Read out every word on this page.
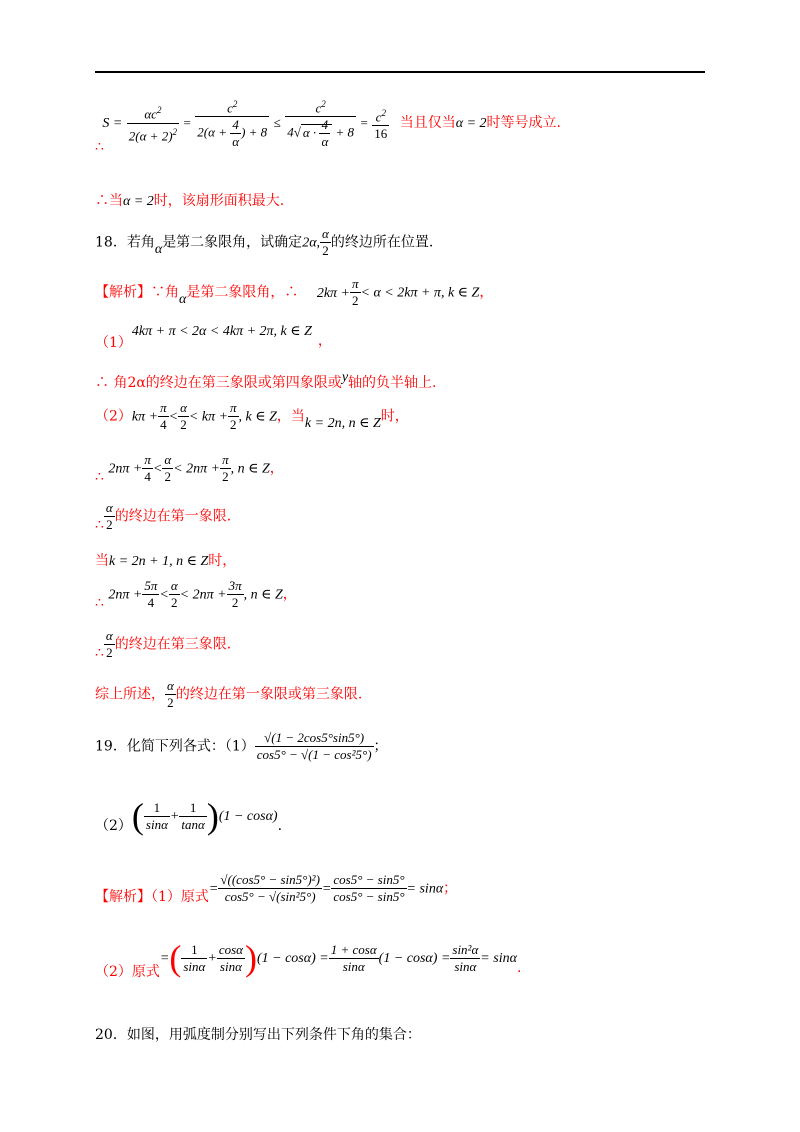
∴ $S = \frac{\alpha c^2}{2(\alpha + 2)^2} = \frac{c^2}{2(\alpha + \frac{4}{\alpha} ) + 8} \le \frac{c^2}{4√ \alpha \cdot \frac{4}{\alpha} + 8} = \frac{c^2}{16}$ 当且仅当α = 2时等号成立.
∴当α = 2时，该扇形面积最大.
18．若角α是第二象限角，试确定2α, $\frac{\alpha}{2}$ 的终边所在位置.
【解析】∵角α是第二象限角，∴ $2k\pi + \frac{\pi}{2} < \alpha < 2k\pi + \pi$, k ∈ Z，
（1）4kπ + π < 2α < 4kπ + 2π, k ∈ Z，
∴ 角2α的终边在第三象限或第四象限或y轴的负半轴上.
$(2)k\pi + \frac{\pi}{4} < \frac{\alpha}{2} < k\pi + \frac{\pi}{2}$ , k ∈ Z，当k = 2n, n ∈ Z时，
∴ $2n\pi + \frac{\pi}{4} < \frac{\alpha}{2} < 2n\pi + \frac{\pi}{2}$ , n ∈ Z，
∴ $\frac{\alpha}{2}$ 的终边在第一象限.
当k = 2n + 1, n ∈ Z时，
∴ $2n\pi + \frac{5\pi}{4} < \frac{\alpha}{2} < 2n\pi + \frac{3\pi}{2}$ , n ∈ Z，
∴ $\frac{\alpha}{2}$ 的终边在第三象限.
综上所述， $\frac{\alpha}{2}$ 的终边在第一象限或第三象限.
19．化简下列各式：$(1) \frac{√(1 - 2\cos 5^\circ\sin 5^\circ)}{\text{cos5° − √(1 − cos²5°)}}$ ；
$(2)( \frac{1}{\sin\alpha} + \frac{1}{\tan\alpha} )(1 - \cos\alpha)$.
【解析】（1）原式= $\frac{\text{√((cos5° − sin5°)²)}}{\text{cos5° − √(sin²5°)}} = \frac{\cos 5^\circ - \sin 5^\circ}{\cos 5^\circ - \sin 5^\circ} = \sin\alpha$；
（2）原式=( $\frac{1}{\sin\alpha} + \frac{\cos\alpha}{\sin\alpha} )(1 - \cos\alpha) = \frac{1 + \cos\alpha}{\sin\alpha} (1 - \cos\alpha) = \frac{\text{sin²α}}{\sin\alpha} = \sin\alpha$.
20．如图，用弧度制分别写出下列条件下角的集合：
